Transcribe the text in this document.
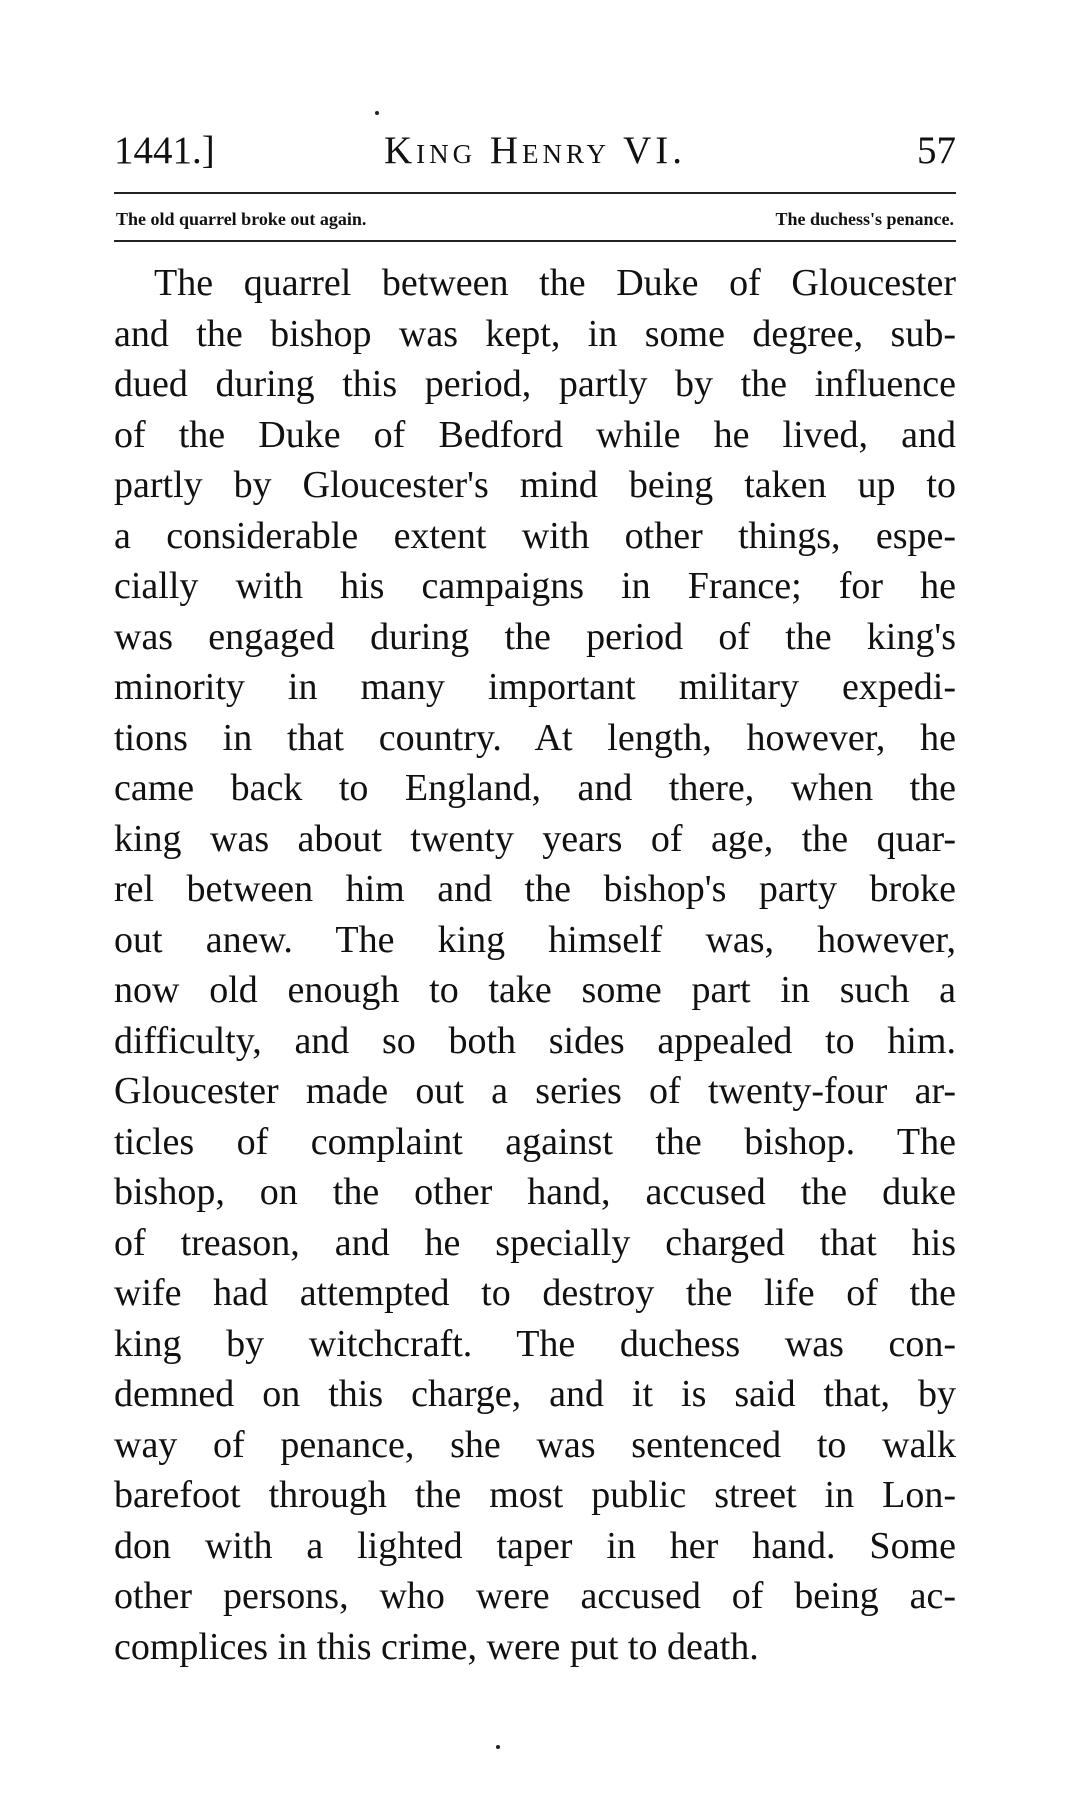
1441.]	King Henry VI.	57
The old quarrel broke out again.	The duchess's penance.
The quarrel between the Duke of Gloucester
and the bishop was kept, in some degree, sub-
dued during this period, partly by the influence
of the Duke of Bedford while he lived, and
partly by Gloucester's mind being taken up to
a considerable extent with other things, espe-
cially with his campaigns in France; for he
was engaged during the period of the king's
minority in many important military expedi-
tions in that country. At length, however, he
came back to England, and there, when the
king was about twenty years of age, the quar-
rel between him and the bishop's party broke
out anew. The king himself was, however,
now old enough to take some part in such a
difficulty, and so both sides appealed to him.
Gloucester made out a series of twenty-four ar-
ticles of complaint against the bishop. The
bishop, on the other hand, accused the duke
of treason, and he specially charged that his
wife had attempted to destroy the life of the
king by witchcraft. The duchess was con-
demned on this charge, and it is said that, by
way of penance, she was sentenced to walk
barefoot through the most public street in Lon-
don with a lighted taper in her hand. Some
other persons, who were accused of being ac-
complices in this crime, were put to death.
